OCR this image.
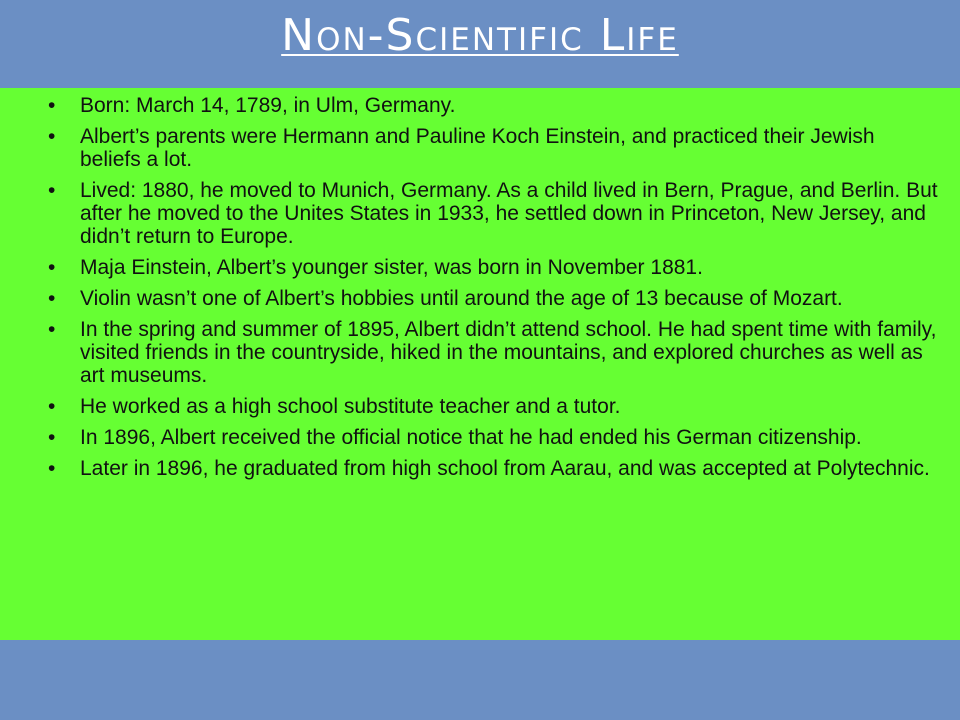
Non-Scientific Life
• Born: March 14, 1789, in Ulm, Germany.
• Albert’s parents were Hermann and Pauline Koch Einstein, and practiced their Jewish beliefs a lot.
• Lived: 1880, he moved to Munich, Germany. As a child lived in Bern, Prague, and Berlin. But after he moved to the Unites States in 1933, he settled down in Princeton, New Jersey, and didn’t return to Europe.
• Maja Einstein, Albert’s younger sister, was born in November 1881.
• Violin wasn’t one of Albert’s hobbies until around the age of 13 because of Mozart.
• In the spring and summer of 1895, Albert didn’t attend school. He had spent time with family, visited friends in the countryside, hiked in the mountains, and explored churches as well as art museums.
• He worked as a high school substitute teacher and a tutor.
• In 1896, Albert received the official notice that he had ended his German citizenship.
• Later in 1896, he graduated from high school from Aarau, and was accepted at Polytechnic.
